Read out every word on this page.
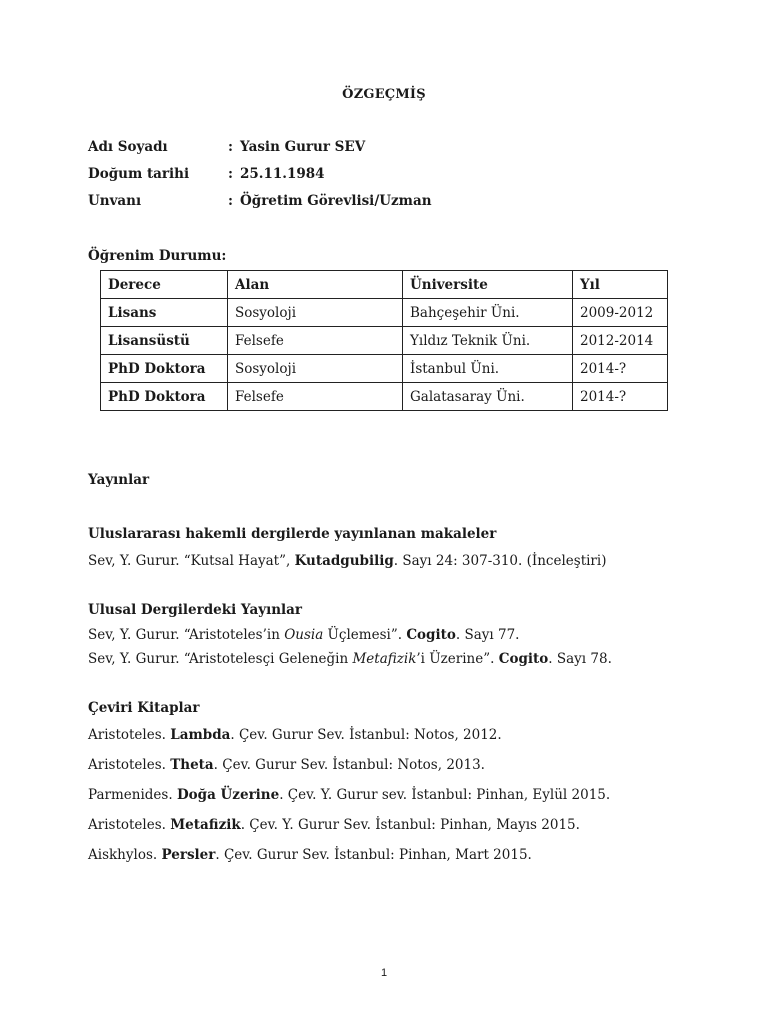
ÖZGEÇMİŞ
Adı Soyadı	: Yasin Gurur SEV
Doğum tarihi	: 25.11.1984
Unvanı	: Öğretim Görevlisi/Uzman
Öğrenim Durumu:
Derece	Alan	Üniversite	Yıl
Lisans	Sosyoloji	Bahçeşehir Üni.	2009-2012
Lisansüstü	Felsefe	Yıldız Teknik Üni.	2012-2014
PhD Doktora	Sosyoloji	İstanbul Üni.	2014-?
PhD Doktora	Felsefe	Galatasaray Üni.	2014-?
Yayınlar
Uluslararası hakemli dergilerde yayınlanan makaleler
Sev, Y. Gurur. “Kutsal Hayat”, Kutadgubilig. Sayı 24: 307-310. (İnceleştiri)
Ulusal Dergilerdeki Yayınlar
Sev, Y. Gurur. “Aristoteles’in Ousia Üçlemesi”. Cogito. Sayı 77.
Sev, Y. Gurur. “Aristotelesçi Geleneğin Metafizik’i Üzerine”. Cogito. Sayı 78.
Çeviri Kitaplar
Aristoteles. Lambda. Çev. Gurur Sev. İstanbul: Notos, 2012.
Aristoteles. Theta. Çev. Gurur Sev. İstanbul: Notos, 2013.
Parmenides. Doğa Üzerine. Çev. Y. Gurur sev. İstanbul: Pinhan, Eylül 2015.
Aristoteles. Metafizik. Çev. Y. Gurur Sev. İstanbul: Pinhan, Mayıs 2015.
Aiskhylos. Persler. Çev. Gurur Sev. İstanbul: Pinhan, Mart 2015.
1
